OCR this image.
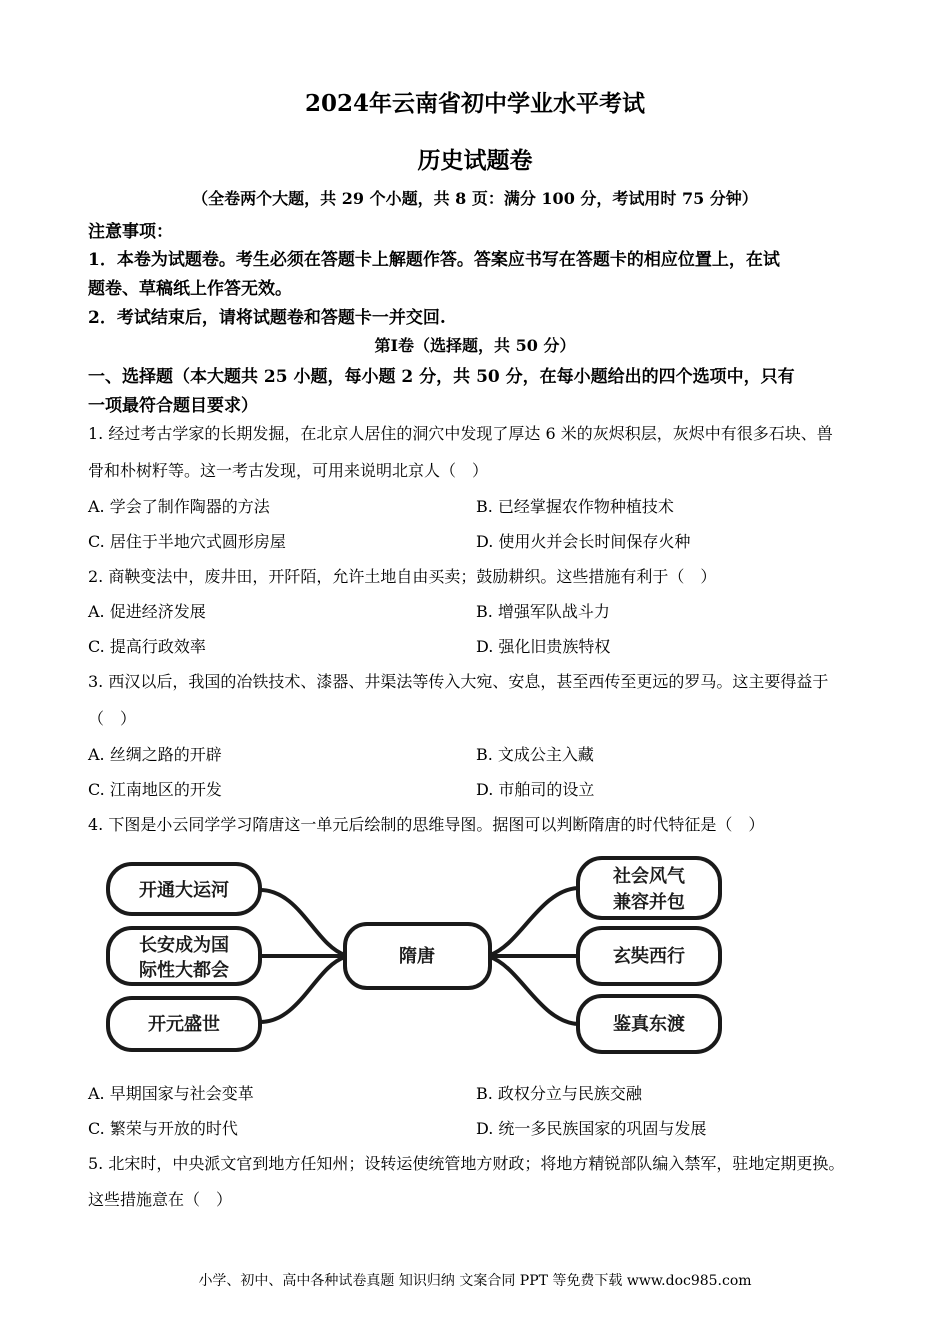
2024年云南省初中学业水平考试
历史试题卷
（全卷两个大题，共 29 个小题，共 8 页：满分 100 分，考试用时 75 分钟）
注意事项：
1．本卷为试题卷。考生必须在答题卡上解题作答。答案应书写在答题卡的相应位置上，在试
题卷、草稿纸上作答无效。
2．考试结束后，请将试题卷和答题卡一并交回.
第Ⅰ卷（选择题，共 50 分）
一、选择题（本大题共 25 小题，每小题 2 分，共 50 分，在每小题给出的四个选项中，只有
一项最符合题目要求）
1. 经过考古学家的长期发掘，在北京人居住的洞穴中发现了厚达 6 米的灰烬积层，灰烬中有很多石块、兽
骨和朴树籽等。这一考古发现，可用来说明北京人（　）
A. 学会了制作陶器的方法	B. 已经掌握农作物种植技术
C. 居住于半地穴式圆形房屋	D. 使用火并会长时间保存火种
2. 商鞅变法中，废井田，开阡陌，允许土地自由买卖；鼓励耕织。这些措施有利于（　）
A. 促进经济发展	B. 增强军队战斗力
C. 提高行政效率	D. 强化旧贵族特权
3. 西汉以后，我国的冶铁技术、漆器、井渠法等传入大宛、安息，甚至西传至更远的罗马。这主要得益于
（　）
A. 丝绸之路的开辟	B. 文成公主入藏
C. 江南地区的开发	D. 市舶司的设立
4. 下图是小云同学学习隋唐这一单元后绘制的思维导图。据图可以判断隋唐的时代特征是（　）
开通大运河
长安成为国
际性大都会
开元盛世
隋唐
社会风气
兼容并包
玄奘西行
鉴真东渡
A. 早期国家与社会变革	B. 政权分立与民族交融
C. 繁荣与开放的时代	D. 统一多民族国家的巩固与发展
5. 北宋时，中央派文官到地方任知州；设转运使统管地方财政；将地方精锐部队编入禁军，驻地定期更换。
这些措施意在（　）
小学、初中、高中各种试卷真题 知识归纳 文案合同 PPT 等免费下载 www.doc985.com
